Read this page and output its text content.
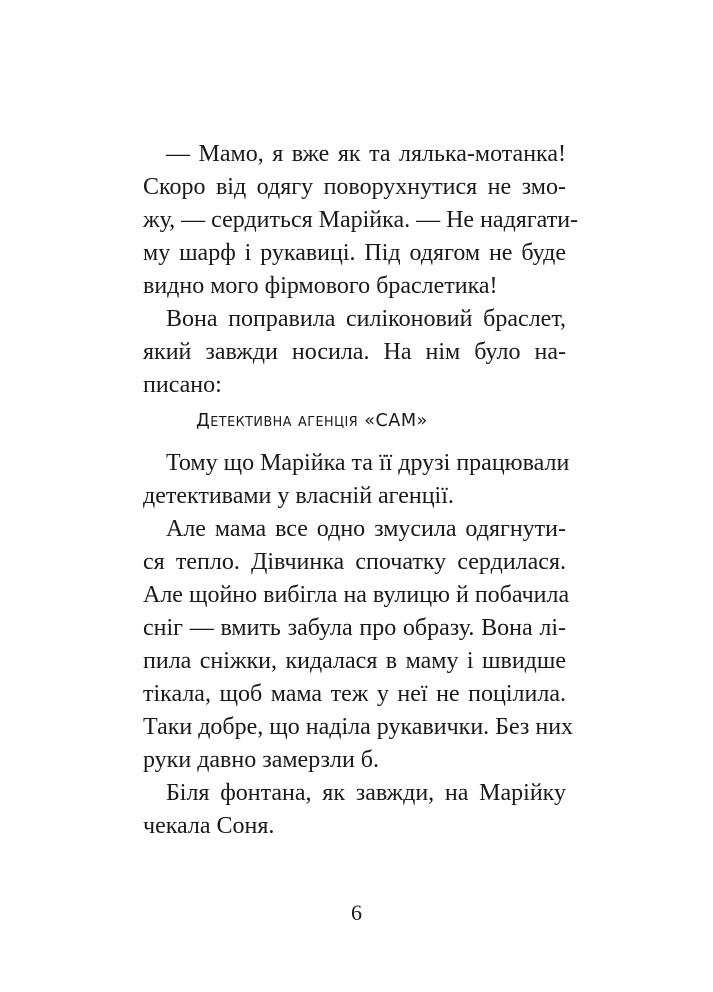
— Мамо, я вже як та лялька-мотанка!
Скоро від одягу поворухнутися не змо-
жу, — сердиться Марійка. — Не надягати-
му шарф і рукавиці. Під одягом не буде
видно мого фірмового браслетика!
Вона поправила силіконовий браслет,
який завжди носила. На нім було на-
писано:
Детективна агенція «САМ»
Тому що Марійка та її друзі працювали
детективами у власній агенції.
Але мама все одно змусила одягнути-
ся тепло. Дівчинка спочатку сердилася.
Але щойно вибігла на вулицю й побачила
сніг — вмить забула про образу. Вона лі-
пила сніжки, кидалася в маму і швидше
тікала, щоб мама теж у неї не поцілила.
Таки добре, що наділа рукавички. Без них
руки давно замерзли б.
Біля фонтана, як завжди, на Марійку
чекала Соня.
6
